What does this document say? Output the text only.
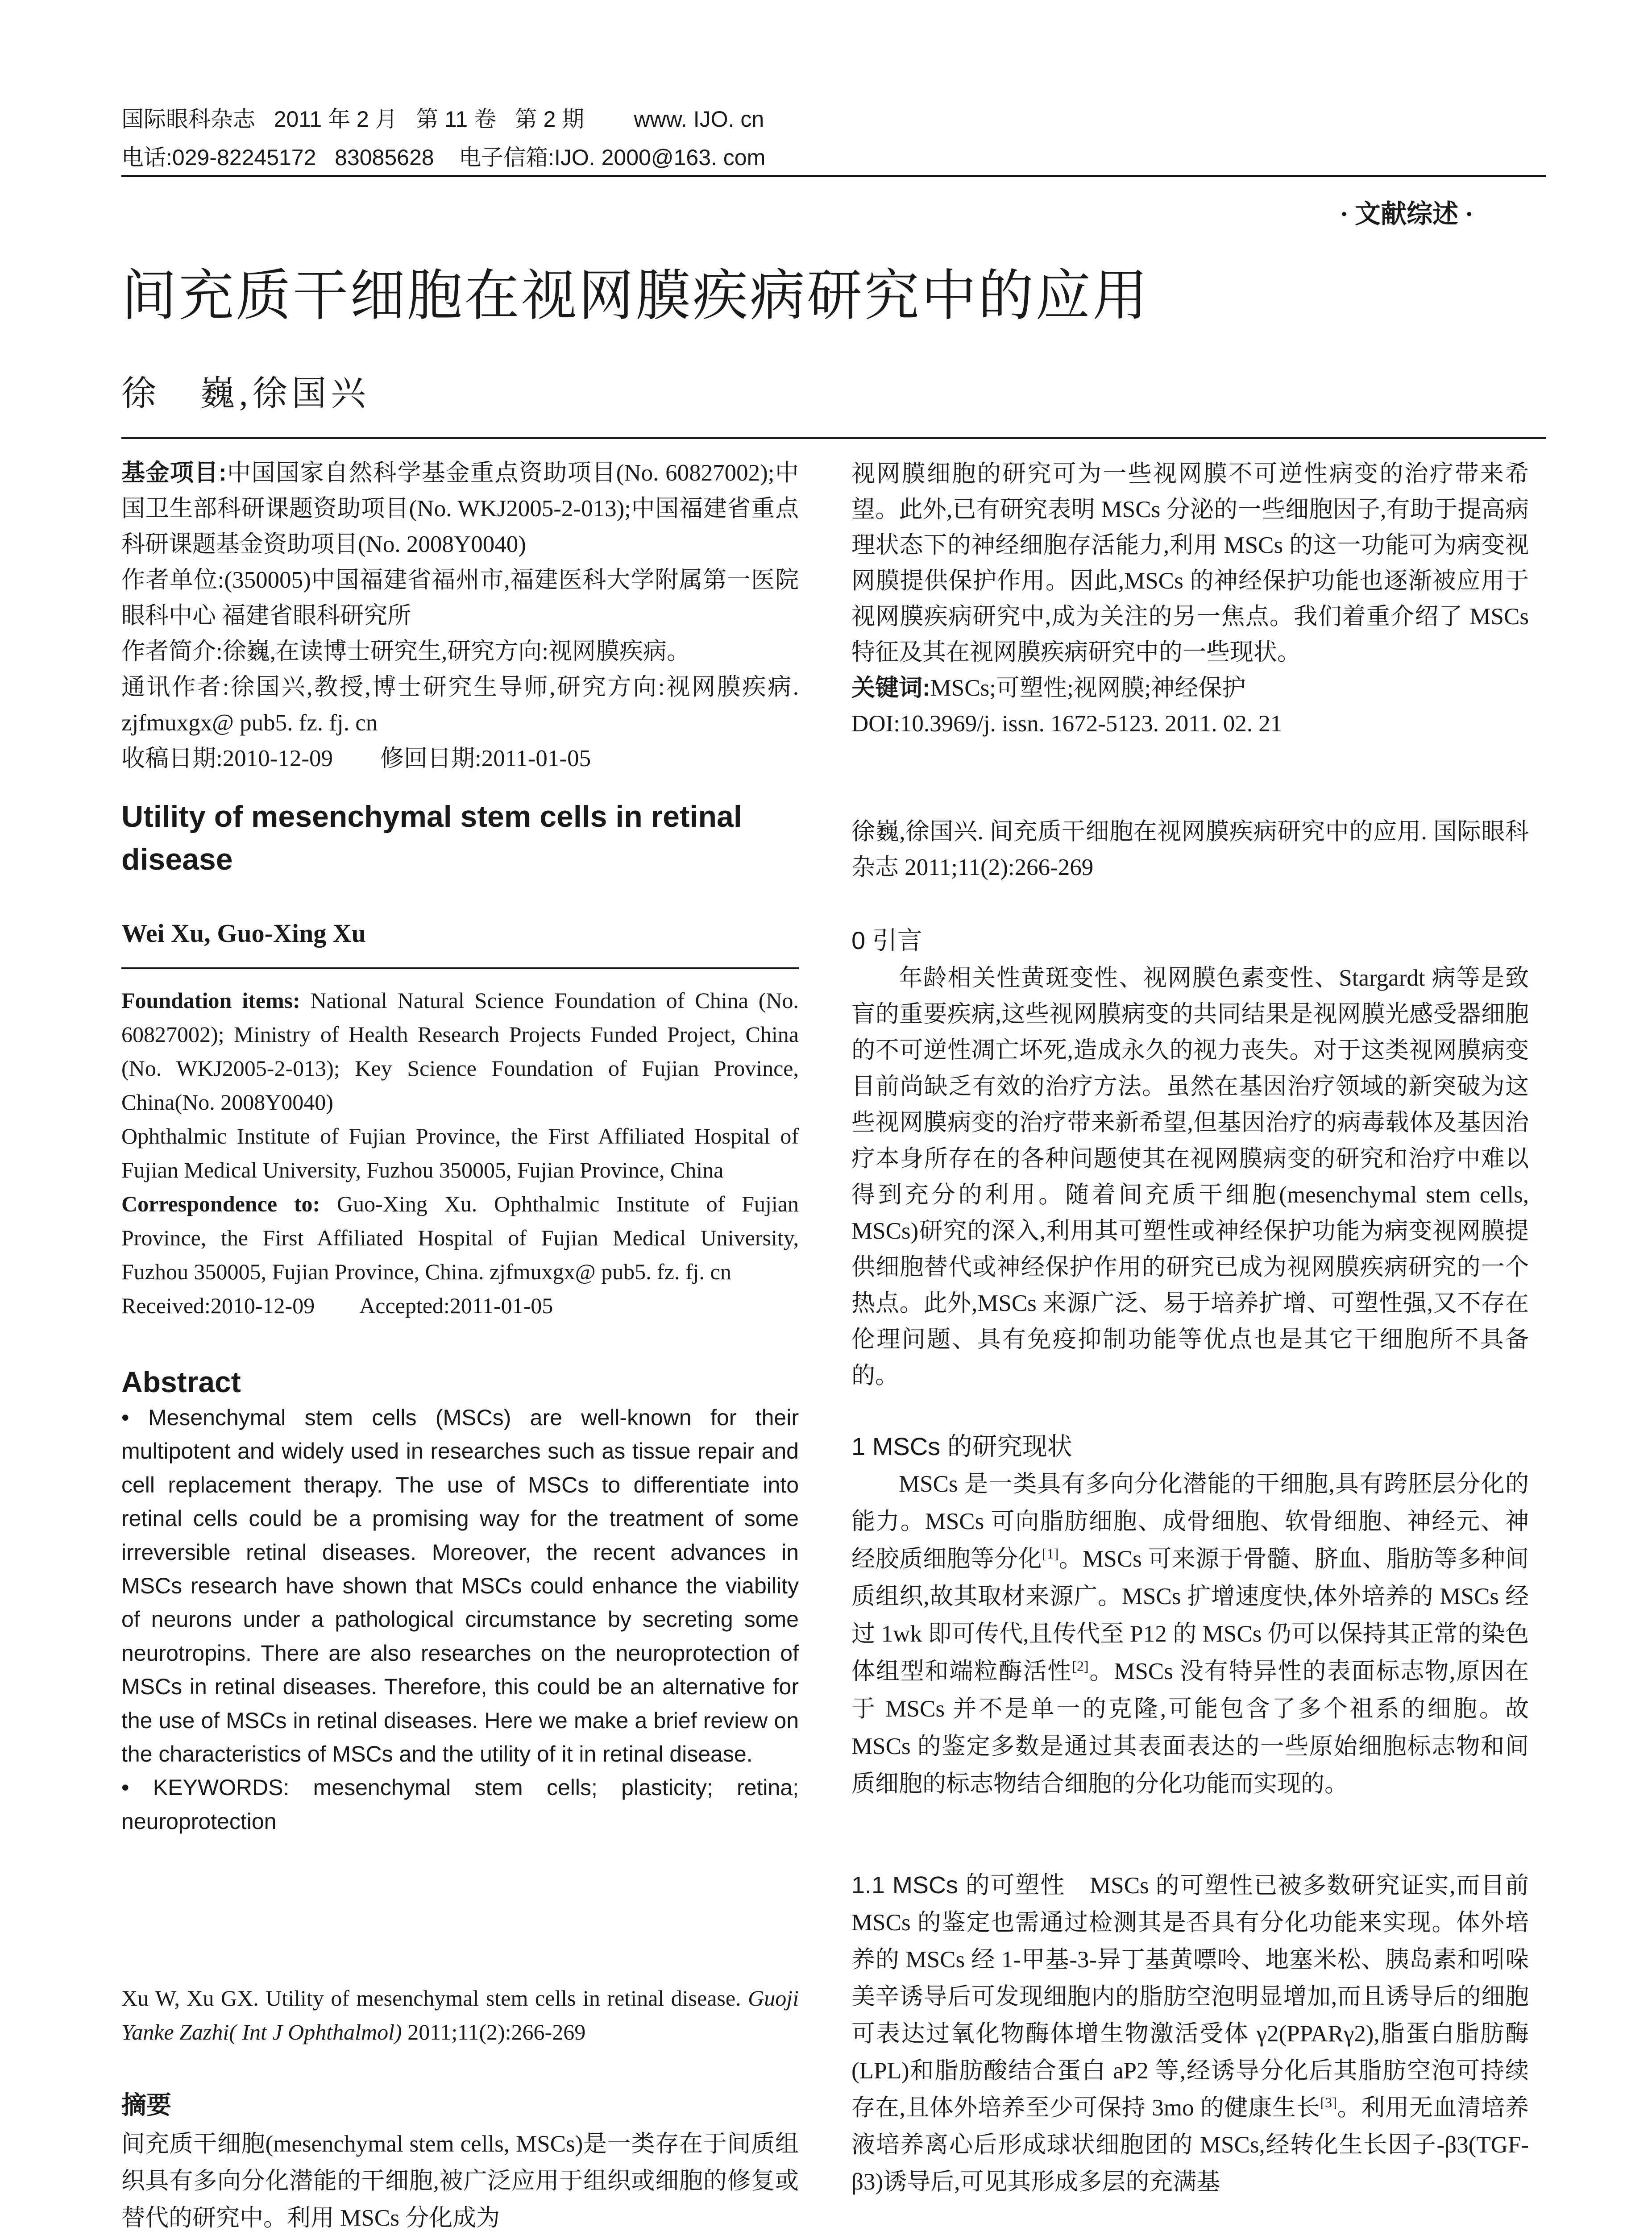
国际眼科杂志   2011 年 2 月   第 11 卷   第 2 期        www. IJO. cn
电话:029-82245172   83085628    电子信箱:IJO. 2000@163. com
· 文献综述 ·
间充质干细胞在视网膜疾病研究中的应用
徐　巍,徐国兴

基金项目:中国国家自然科学基金重点资助项目(No. 60827002);中国卫生部科研课题资助项目(No. WKJ2005-2-013);中国福建省重点科研课题基金资助项目(No. 2008Y0040)

作者单位:(350005)中国福建省福州市,福建医科大学附属第一医院眼科中心 福建省眼科研究所

作者简介:徐巍,在读博士研究生,研究方向:视网膜疾病。

通讯作者:徐国兴,教授,博士研究生导师,研究方向:视网膜疾病. zjfmuxgx@ pub5. fz. fj. cn

收稿日期:2010-12-09　　修回日期:2011-01-05

Utility of mesenchymal stem cells in retinal disease
Wei Xu, Guo-Xing Xu

Foundation items: National Natural Science Foundation of China (No. 60827002); Ministry of Health Research Projects Funded Project, China (No. WKJ2005-2-013); Key Science Foundation of Fujian Province, China(No. 2008Y0040)

Ophthalmic Institute of Fujian Province, the First Affiliated Hospital of Fujian Medical University, Fuzhou 350005, Fujian Province, China

Correspondence to: Guo-Xing Xu. Ophthalmic Institute of Fujian Province, the First Affiliated Hospital of Fujian Medical University, Fuzhou 350005, Fujian Province, China. zjfmuxgx@ pub5. fz. fj. cn

Received:2010-12-09　　Accepted:2011-01-05

Abstract

• Mesenchymal stem cells (MSCs) are well-known for their multipotent and widely used in researches such as tissue repair and cell replacement therapy. The use of MSCs to differentiate into retinal cells could be a promising way for the treatment of some irreversible retinal diseases. Moreover, the recent advances in MSCs research have shown that MSCs could enhance the viability of neurons under a pathological circumstance by secreting some neurotropins. There are also researches on the neuroprotection of MSCs in retinal diseases. Therefore, this could be an alternative for the use of MSCs in retinal diseases. Here we make a brief review on the characteristics of MSCs and the utility of it in retinal disease.

• KEYWORDS: mesenchymal stem cells; plasticity; retina; neuroprotection

Xu W, Xu GX. Utility of mesenchymal stem cells in retinal disease. Guoji Yanke Zazhi( Int J Ophthalmol) 2011;11(2):266-269

摘要

间充质干细胞(mesenchymal stem cells, MSCs)是一类存在于间质组织具有多向分化潜能的干细胞,被广泛应用于组织或细胞的修复或替代的研究中。利用 MSCs 分化成为

视网膜细胞的研究可为一些视网膜不可逆性病变的治疗带来希望。此外,已有研究表明 MSCs 分泌的一些细胞因子,有助于提高病理状态下的神经细胞存活能力,利用 MSCs 的这一功能可为病变视网膜提供保护作用。因此,MSCs 的神经保护功能也逐渐被应用于视网膜疾病研究中,成为关注的另一焦点。我们着重介绍了 MSCs 特征及其在视网膜疾病研究中的一些现状。

关键词:MSCs;可塑性;视网膜;神经保护

DOI:10.3969/j. issn. 1672-5123. 2011. 02. 21

徐巍,徐国兴. 间充质干细胞在视网膜疾病研究中的应用. 国际眼科杂志 2011;11(2):266-269

0 引言

年龄相关性黄斑变性、视网膜色素变性、Stargardt 病等是致盲的重要疾病,这些视网膜病变的共同结果是视网膜光感受器细胞的不可逆性凋亡坏死,造成永久的视力丧失。对于这类视网膜病变目前尚缺乏有效的治疗方法。虽然在基因治疗领域的新突破为这些视网膜病变的治疗带来新希望,但基因治疗的病毒载体及基因治疗本身所存在的各种问题使其在视网膜病变的研究和治疗中难以得到充分的利用。随着间充质干细胞(mesenchymal stem cells, MSCs)研究的深入,利用其可塑性或神经保护功能为病变视网膜提供细胞替代或神经保护作用的研究已成为视网膜疾病研究的一个热点。此外,MSCs 来源广泛、易于培养扩增、可塑性强,又不存在伦理问题、具有免疫抑制功能等优点也是其它干细胞所不具备的。

1 MSCs 的研究现状

MSCs 是一类具有多向分化潜能的干细胞,具有跨胚层分化的能力。MSCs 可向脂肪细胞、成骨细胞、软骨细胞、神经元、神经胶质细胞等分化[1]。MSCs 可来源于骨髓、脐血、脂肪等多种间质组织,故其取材来源广。MSCs 扩增速度快,体外培养的 MSCs 经过 1wk 即可传代,且传代至 P12 的 MSCs 仍可以保持其正常的染色体组型和端粒酶活性[2]。MSCs 没有特异性的表面标志物,原因在于 MSCs 并不是单一的克隆,可能包含了多个祖系的细胞。故 MSCs 的鉴定多数是通过其表面表达的一些原始细胞标志物和间质细胞的标志物结合细胞的分化功能而实现的。

1.1 MSCs 的可塑性　MSCs 的可塑性已被多数研究证实,而目前 MSCs 的鉴定也需通过检测其是否具有分化功能来实现。体外培养的 MSCs 经 1-甲基-3-异丁基黄嘌呤、地塞米松、胰岛素和吲哚美辛诱导后可发现细胞内的脂肪空泡明显增加,而且诱导后的细胞可表达过氧化物酶体增生物激活受体 γ2(PPARγ2),脂蛋白脂肪酶(LPL)和脂肪酸结合蛋白 aP2 等,经诱导分化后其脂肪空泡可持续存在,且体外培养至少可保持 3mo 的健康生长[3]。利用无血清培养液培养离心后形成球状细胞团的 MSCs,经转化生长因子-β3(TGF-β3)诱导后,可见其形成多层的充满基
